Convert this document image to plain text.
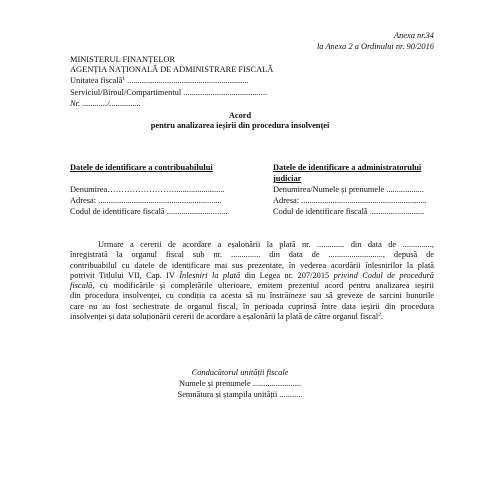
Anexa nr.34
la Anexa 2 a Ordinului nr. 90/2016
MINISTERUL FINANȚELOR
AGENȚIA NAȚIONALĂ DE ADMINISTRARE FISCALĂ
Unitatea fiscală$^1$ ..........................................................
Serviciul/Biroul/Compartimentul ........................................
Nr. ............/...............
Acord
pentru analizarea ieșirii din procedura insolvenței
Datele de identificare a contribuabilului
Denumirea……………………........................
Adresa: ...........................................................
Codul de identificare fiscală .............................
Datele de identificare a administratorului
judiciar
Denumirea/Numele și prenumele ..................
Adresa: ............................................................
Codul de identificare fiscală ..........................
Urmare a cererii de acordare a eșalonării la plată nr. ............. din data de ..............,
înregistrată la organul fiscal sub nr. .............. din data de .........................., depusă de
contribuabilul cu datele de identificare mai sus prezentate, în vederea acordării înlesnirilor la plată
potrivit Titlului VII, Cap. IV Înlesniri la plată din Legea nr. 207/2015 privind Codul de procedură
fiscală, cu modificările și completările ulterioare, emitem prezentul acord pentru analizarea ieșirii
din procedura insolvenței, cu condiția ca acesta să nu înstrăineze sau să greveze de sarcini bunurile
care nu au fost sechestrate de organul fiscal, în perioada cuprinsă între data ieșirii din procedura
insolvenței și data soluționării cererii de acordare a eșalonării la plată de către organul fiscal$^2$.
Conducătorul unității fiscale
Numele și prenumele .......................
Semnătura și ștampila unității ...........
